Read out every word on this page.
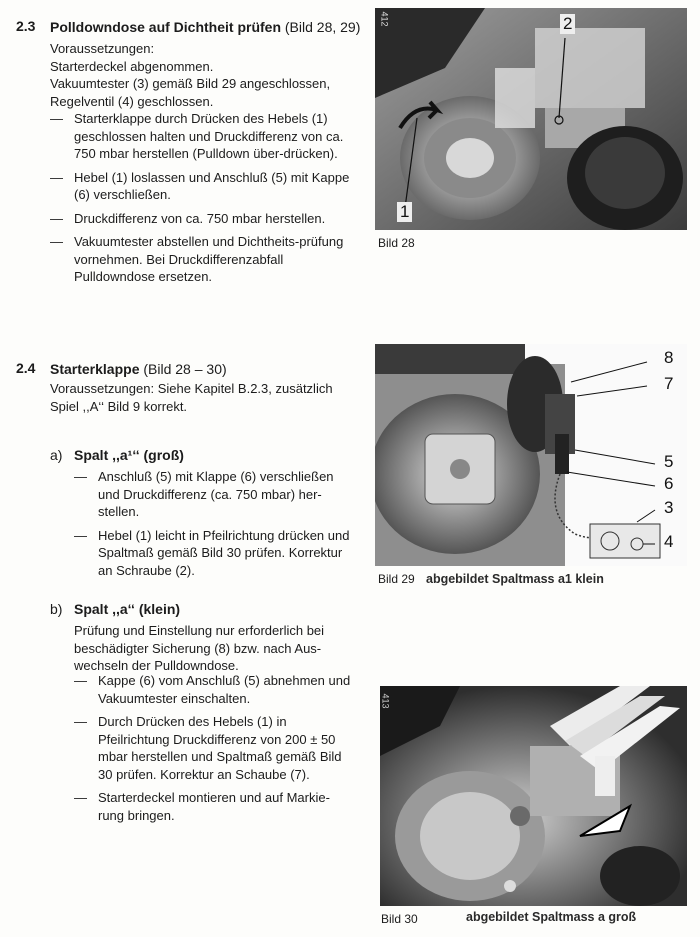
2.3 Polldowndose auf Dichtheit prüfen (Bild 28, 29)
Voraussetzungen:
Starterdeckel abgenommen.
Vakuumtester (3) gemäß Bild 29 angeschlossen,
Regelventil (4) geschlossen.
— Starterklappe durch Drücken des Hebels (1) geschlossen halten und Druckdifferenz von ca. 750 mbar herstellen (Pulldown über-drücken).
— Hebel (1) loslassen und Anschluß (5) mit Kappe (6) verschließen.
— Druckdifferenz von ca. 750 mbar herstellen.
— Vakuumtester abstellen und Dichtheits-prüfung vornehmen. Bei Druckdifferenzabfall Pulldowndose ersetzen.
2
1
412
Bild 28
2.4 Starterklappe (Bild 28 – 30)
Voraussetzungen: Siehe Kapitel B.2.3, zusätzlich Spiel ,,A‘‘ Bild 9 korrekt.
a) Spalt ,,a¹‘‘ (groß)
— Anschluß (5) mit Klappe (6) verschließen und Druckdifferenz (ca. 750 mbar) her-stellen.
— Hebel (1) leicht in Pfeilrichtung drücken und Spaltmaß gemäß Bild 30 prüfen. Korrektur an Schraube (2).
b) Spalt ,,a‘‘ (klein)
Prüfung und Einstellung nur erforderlich bei beschädigter Sicherung (8) bzw. nach Aus-wechseln der Pulldowndose.
— Kappe (6) vom Anschluß (5) abnehmen und Vakuumtester einschalten.
— Durch Drücken des Hebels (1) in Pfeilrichtung Druckdifferenz von 200 ± 50 mbar herstellen und Spaltmaß gemäß Bild 30 prüfen. Korrektur an Schaube (7).
— Starterdeckel montieren und auf Markie-rung bringen.
8
7
5
6
3
4
Bild 29 abgebildet Spaltmass a1 klein
413
Bild 30	abgebildet Spaltmass a groß
